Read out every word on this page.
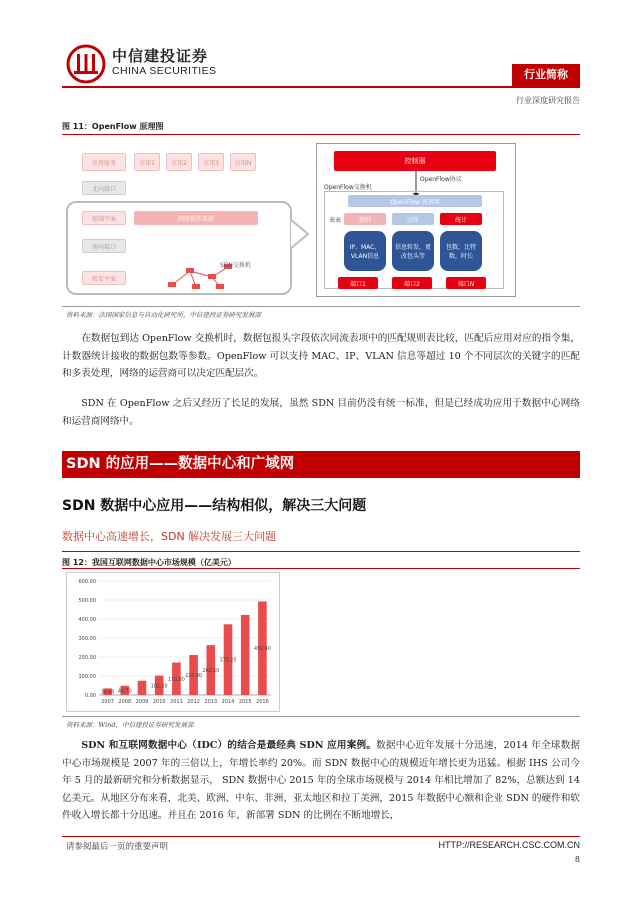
中信建投证券
CHINA SECURITIES	行业简称
行业深度研究报告
图 11：OpenFlow 原理图
应用服务	应用1	应用2	应用3	应用N
北向接口
控制平面	网络操作系统
南向接口
转发平面
SDN交换机
控制器
OpenFlow协议
OpenFlow交换机
OpenFlow 流表项
表表	规则	动作	统计
IP、MAC、VLAN信息
信息转发，更改包头等
包数，比特数，时长
端口1	端口2	端口N
资料来源：法国国家信息与自动化研究所，中信建投证券研究发展部
在数据包到达 OpenFlow 交换机时，数据包报头字段依次同流表项中的匹配规则表比较，匹配后应用对应的指令集，计数器统计接收的数据包数等参数。OpenFlow 可以支持 MAC、IP、VLAN 信息等超过 10 个不同层次的关键字的匹配和多表处理，网络的运营商可以决定匹配层次。
SDN 在 OpenFlow 之后又经历了长足的发展，虽然 SDN 目前仍没有统一标准，但是已经成功应用于数据中心网络和运营商网络中。
SDN 的应用——数据中心和广域网
SDN 数据中心应用——结构相似，解决三大问题
数据中心高速增长，SDN 解决发展三大问题
图 12：我国互联网数据中心市场规模（亿美元）
0.00
100.00
200.00
300.00
400.00
500.00
600.00
2007
34.60
2008
48.70
2009 2010
102.20
2011
170.80
2012
210.80
2013
262.50
2014
372.20
2015 2016
492.40
资料来源：Wind，中信建投证券研究发展部
SDN 和互联网数据中心（IDC）的结合是最经典 SDN 应用案例。数据中心近年发展十分迅速，2014 年全球数据中心市场规模是 2007 年的三倍以上，年增长率约 20%。而 SDN 数据中心的规模近年增长更为迅猛。根据 IHS 公司今年 5 月的最新研究和分析数据显示， SDN 数据中心 2015 年的全球市场规模与 2014 年相比增加了 82%，总额达到 14 亿美元。从地区分布来看，北美、欧洲、中东、非洲、亚太地区和拉丁美洲，2015 年数据中心额和企业 SDN 的硬件和软件收入增长都十分迅速。并且在 2016 年，新部署 SDN 的比例在不断地增长，
请参阅最后一页的重要声明	HTTP://RESEARCH.CSC.COM.CN
8
